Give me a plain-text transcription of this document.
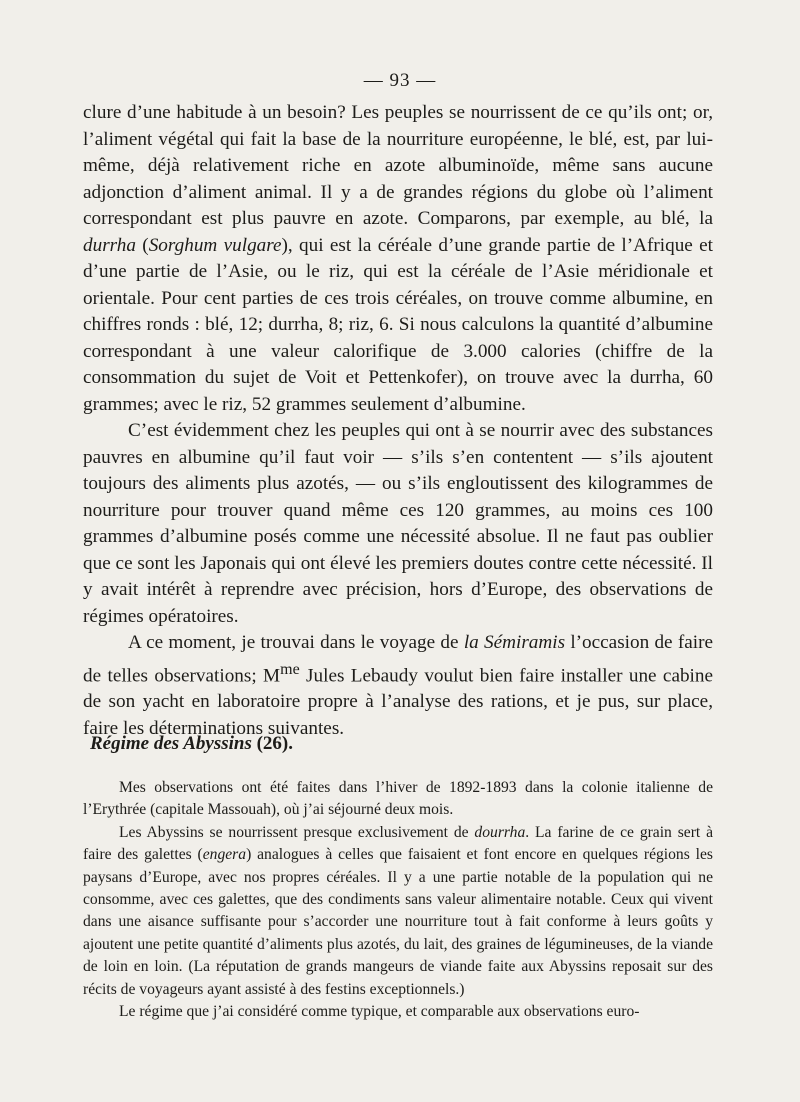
— 93 —

clure d’une habitude à un besoin? Les peuples se nourrissent de ce qu’ils ont; or, l’aliment végétal qui fait la base de la nourriture européenne, le blé, est, par lui-même, déjà relativement riche en azote albuminoïde, même sans aucune adjonction d’aliment animal. Il y a de grandes régions du globe où l’aliment correspondant est plus pauvre en azote. Comparons, par exemple, au blé, la durrha (Sorghum vulgare), qui est la céréale d’une grande partie de l’Afrique et d’une partie de l’Asie, ou le riz, qui est la céréale de l’Asie méridionale et orientale. Pour cent parties de ces trois céréales, on trouve comme albumine, en chiffres ronds : blé, 12; durrha, 8; riz, 6. Si nous calculons la quantité d’albumine correspondant à une valeur calorifique de 3.000 calories (chiffre de la consommation du sujet de Voit et Pettenkofer), on trouve avec la durrha, 60 grammes; avec le riz, 52 grammes seulement d’albumine.

C’est évidemment chez les peuples qui ont à se nourrir avec des substances pauvres en albumine qu’il faut voir — s’ils s’en contentent — s’ils ajoutent toujours des aliments plus azotés, — ou s’ils engloutissent des kilogrammes de nourriture pour trouver quand même ces 120 grammes, au moins ces 100 grammes d’albumine posés comme une nécessité absolue. Il ne faut pas oublier que ce sont les Japonais qui ont élevé les premiers doutes contre cette nécessité. Il y avait intérêt à reprendre avec précision, hors d’Europe, des observations de régimes opératoires.

A ce moment, je trouvai dans le voyage de la Sémiramis l’occasion de faire de telles observations; $M^{me}$ Jules Lebaudy voulut bien faire installer une cabine de son yacht en laboratoire propre à l’analyse des rations, et je pus, sur place, faire les déterminations suivantes.

Régime des Abyssins (26).

Mes observations ont été faites dans l’hiver de 1892-1893 dans la colonie italienne de l’Erythrée (capitale Massouah), où j’ai séjourné deux mois.

Les Abyssins se nourrissent presque exclusivement de dourrha. La farine de ce grain sert à faire des galettes (engera) analogues à celles que faisaient et font encore en quelques régions les paysans d’Europe, avec nos propres céréales. Il y a une partie notable de la population qui ne consomme, avec ces galettes, que des condiments sans valeur alimentaire notable. Ceux qui vivent dans une aisance suffisante pour s’accorder une nourriture tout à fait conforme à leurs goûts y ajoutent une petite quantité d’aliments plus azotés, du lait, des graines de légumineuses, de la viande de loin en loin. (La réputation de grands mangeurs de viande faite aux Abyssins reposait sur des récits de voyageurs ayant assisté à des festins exceptionnels.)

Le régime que j’ai considéré comme typique, et comparable aux observations euro-
